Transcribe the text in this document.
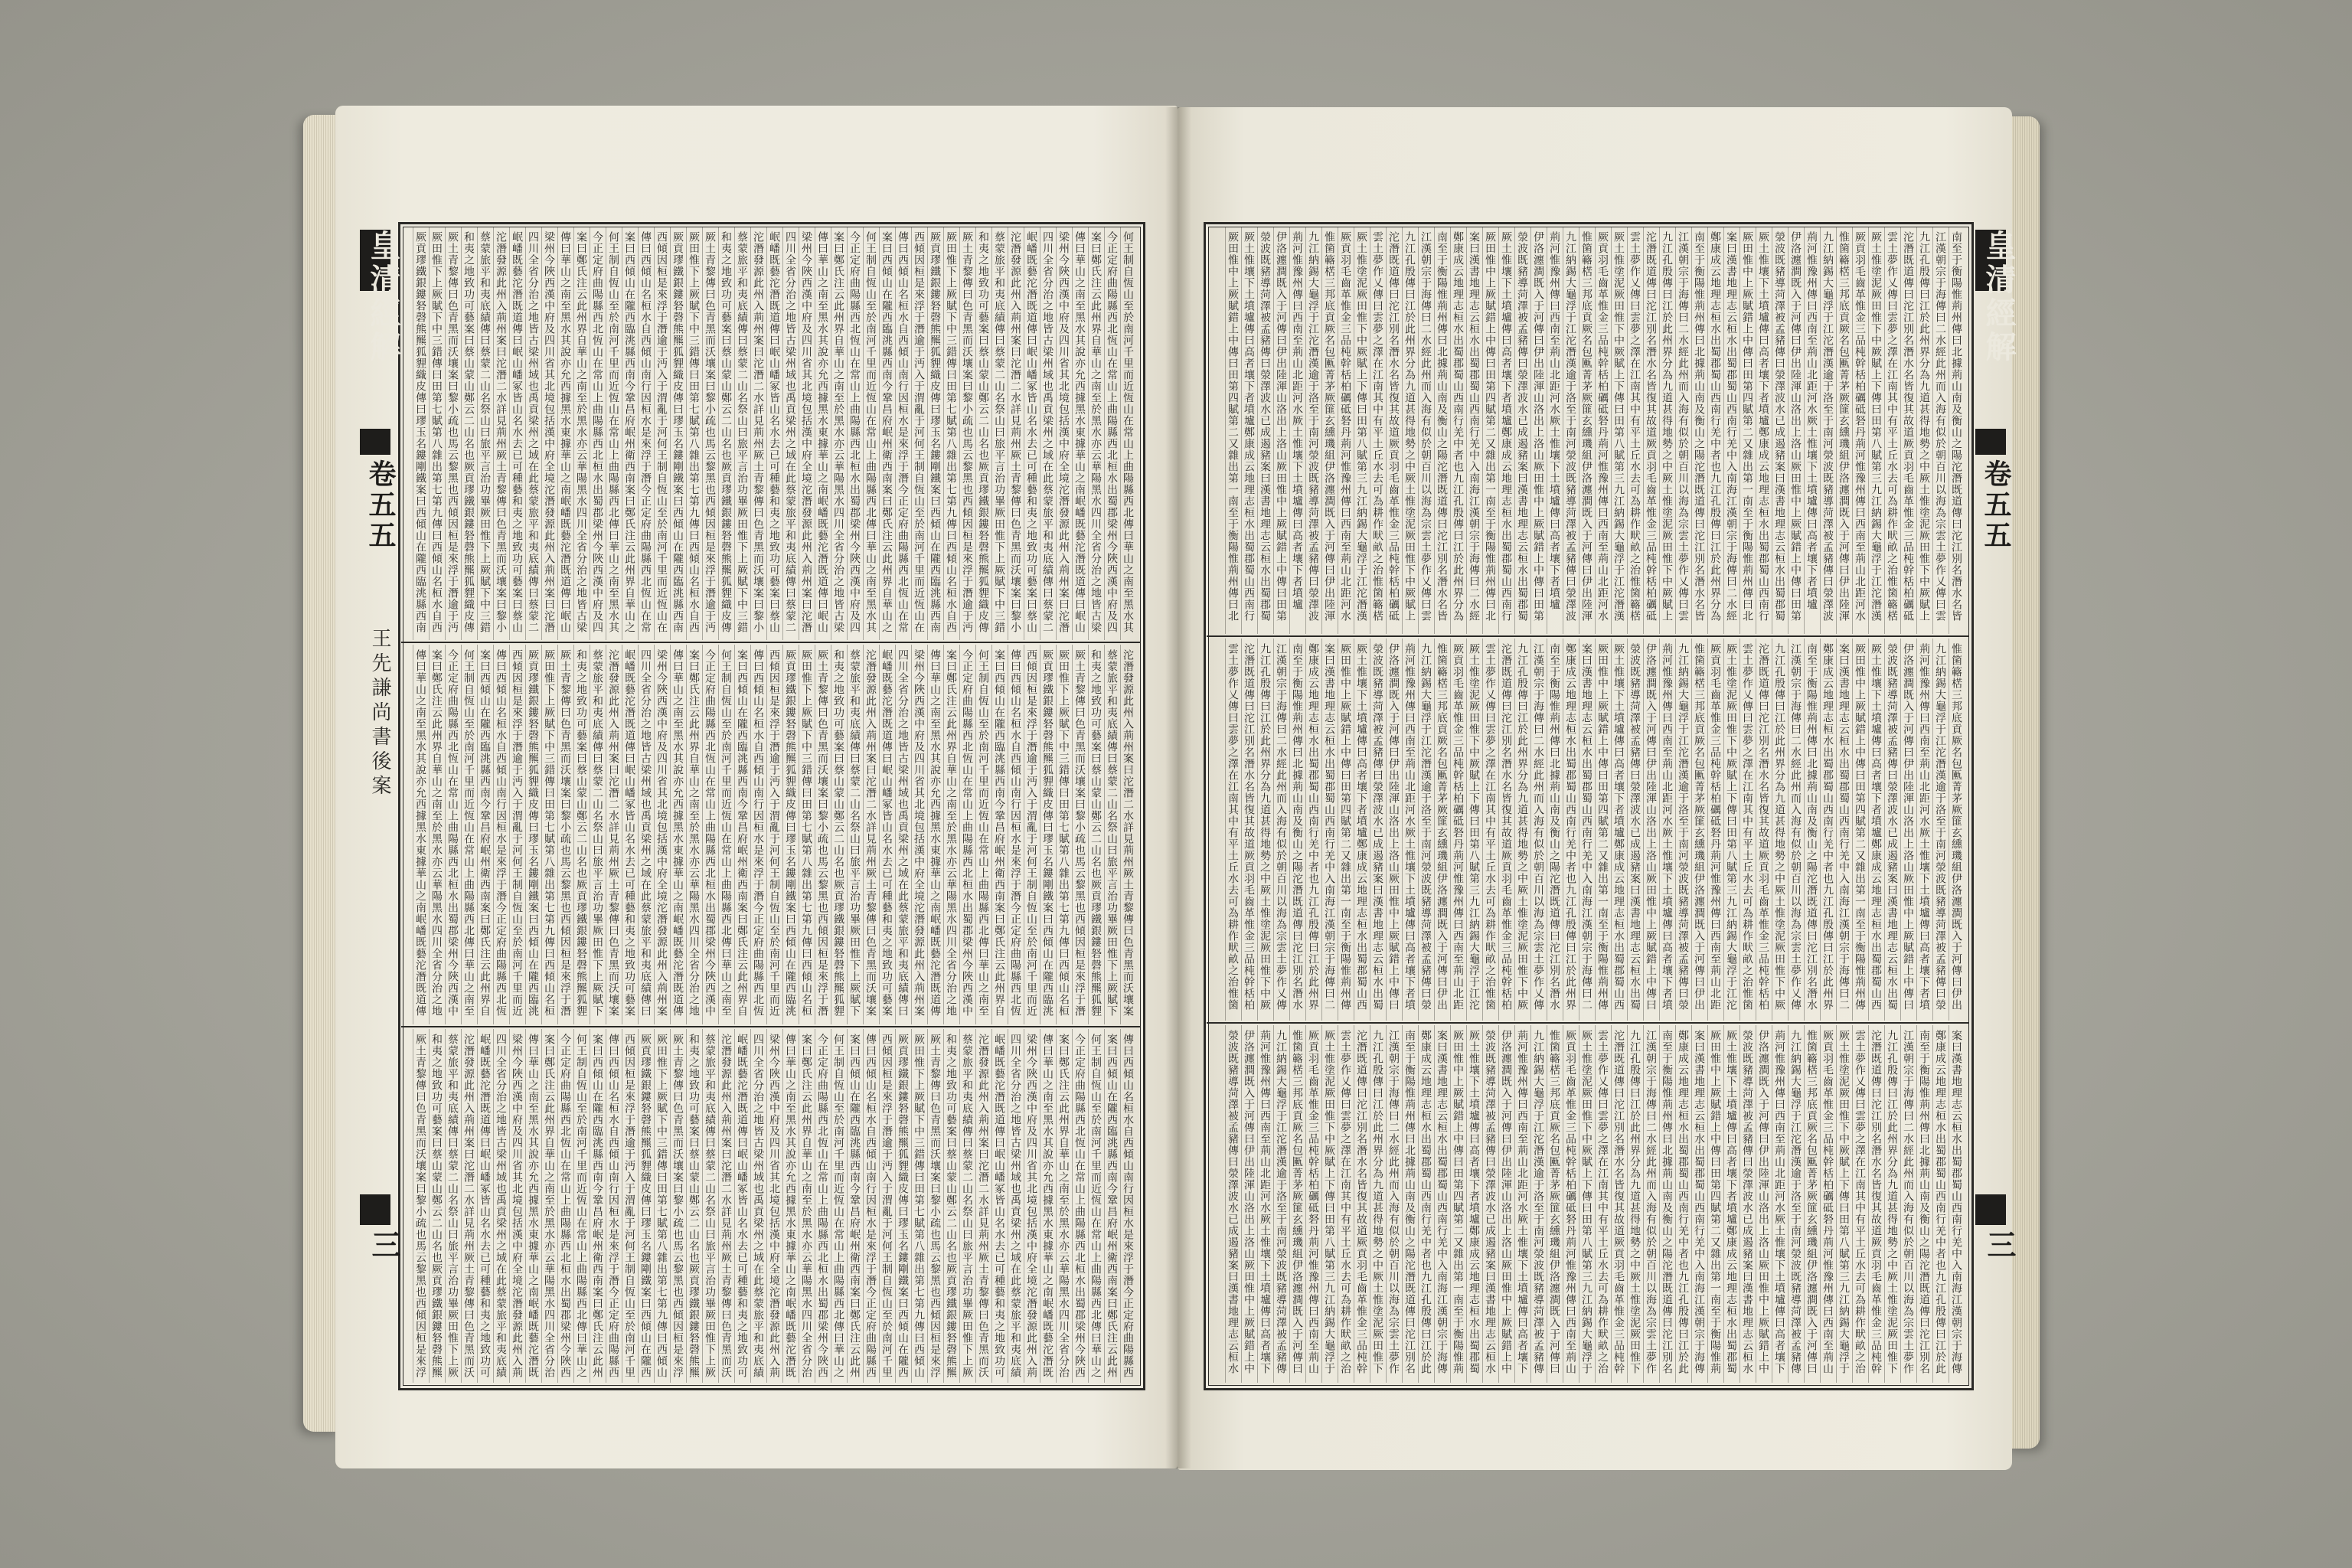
皇清經解
卷五五
王先謙尚書後案
三
皇清經解
卷五五
三
何王制自恆山至於南河千里而近恆山在常山上曲陽縣西北傳曰華山之南至黑水其
今正定府曲陽縣西北恆山在常山上曲陽縣西北桓水出蜀郡梁州今陜西漢中府及四
案曰鄭氏注云此州界自華山之南至於黑水亦云華陽黑水四川全省分治之地皆古梁
傳曰華山之南至黑水其說亦允西據黑水東據華山之南岷嶓既藝沱潛既道傳曰岷山
梁州今陜西漢中府及四川省其北境包括漢中府全境沱潛發源此州入荊州案曰沱潛
四川全省分治之地皆古梁州域也禹貢梁州之域在此蔡蒙旅平和夷底績傳曰蔡蒙二
岷嶓既藝沱潛既道傳曰岷山嶓冢皆山名水去已可種藝和夷之地致功可藝案曰蔡山
沱潛發源此州入荊州案曰沱潛二水詳見荊州厥土青黎傳曰色青黑而沃壤案曰黎小
蔡蒙旅平和夷底績傳曰蔡蒙二山名祭山曰旅平言治功畢厥田惟下上厥賦下中三錯
和夷之地致功可藝案曰蔡山蒙山鄭云二山名也厥貢璆鐵銀鏤砮磬熊羆狐貍織皮傳
厥土青黎傳曰色青黑而沃壤案曰黎小疏也馬云黎黑也西傾因桓是來浮于潛逾于沔
厥田惟下上厥賦下中三錯傳曰田第七賦第八雜出第七第九傳曰西傾山名桓水自西
厥貢璆鐵銀鏤砮磬熊羆狐貍織皮傳曰璆玉名鏤剛鐵案曰西傾山在隴西臨洮縣西南
西傾因桓是來浮于潛逾于沔入于渭亂于河何王制自恆山至於南河千里而近恆山在
傳曰西傾山名桓水自西傾山南行因桓水是來浮于潛今正定府曲陽縣西北恆山在常
案曰西傾山在隴西臨洮縣西南今鞏昌府岷州衛西南案曰鄭氏注云此州界自華山之
何王制自恆山至於南河千里而近恆山在常山上曲陽縣西北傳曰華山之南至黑水其
今正定府曲陽縣西北恆山在常山上曲陽縣西北桓水出蜀郡梁州今陜西漢中府及四
案曰鄭氏注云此州界自華山之南至於黑水亦云華陽黑水四川全省分治之地皆古梁
傳曰華山之南至黑水其說亦允西據黑水東據華山之南岷嶓既藝沱潛既道傳曰岷山
梁州今陜西漢中府及四川省其北境包括漢中府全境沱潛發源此州入荊州案曰沱潛
四川全省分治之地皆古梁州域也禹貢梁州之域在此蔡蒙旅平和夷底績傳曰蔡蒙二
岷嶓既藝沱潛既道傳曰岷山嶓冢皆山名水去已可種藝和夷之地致功可藝案曰蔡山
沱潛發源此州入荊州案曰沱潛二水詳見荊州厥土青黎傳曰色青黑而沃壤案曰黎小
蔡蒙旅平和夷底績傳曰蔡蒙二山名祭山曰旅平言治功畢厥田惟下上厥賦下中三錯
和夷之地致功可藝案曰蔡山蒙山鄭云二山名也厥貢璆鐵銀鏤砮磬熊羆狐貍織皮傳
厥土青黎傳曰色青黑而沃壤案曰黎小疏也馬云黎黑也西傾因桓是來浮于潛逾于沔
厥田惟下上厥賦下中三錯傳曰田第七賦第八雜出第七第九傳曰西傾山名桓水自西
厥貢璆鐵銀鏤砮磬熊羆狐貍織皮傳曰璆玉名鏤剛鐵案曰西傾山在隴西臨洮縣西南
西傾因桓是來浮于潛逾于沔入于渭亂于河何王制自恆山至於南河千里而近恆山在
傳曰西傾山名桓水自西傾山南行因桓水是來浮于潛今正定府曲陽縣西北恆山在常
案曰西傾山在隴西臨洮縣西南今鞏昌府岷州衛西南案曰鄭氏注云此州界自華山之
何王制自恆山至於南河千里而近恆山在常山上曲陽縣西北傳曰華山之南至黑水其
今正定府曲陽縣西北恆山在常山上曲陽縣西北桓水出蜀郡梁州今陜西漢中府及四
案曰鄭氏注云此州界自華山之南至於黑水亦云華陽黑水四川全省分治之地皆古梁
傳曰華山之南至黑水其說亦允西據黑水東據華山之南岷嶓既藝沱潛既道傳曰岷山
梁州今陜西漢中府及四川省其北境包括漢中府全境沱潛發源此州入荊州案曰沱潛
四川全省分治之地皆古梁州域也禹貢梁州之域在此蔡蒙旅平和夷底績傳曰蔡蒙二
岷嶓既藝沱潛既道傳曰岷山嶓冢皆山名水去已可種藝和夷之地致功可藝案曰蔡山
沱潛發源此州入荊州案曰沱潛二水詳見荊州厥土青黎傳曰色青黑而沃壤案曰黎小
蔡蒙旅平和夷底績傳曰蔡蒙二山名祭山曰旅平言治功畢厥田惟下上厥賦下中三錯
和夷之地致功可藝案曰蔡山蒙山鄭云二山名也厥貢璆鐵銀鏤砮磬熊羆狐貍織皮傳
厥土青黎傳曰色青黑而沃壤案曰黎小疏也馬云黎黑也西傾因桓是來浮于潛逾于沔
厥田惟下上厥賦下中三錯傳曰田第七賦第八雜出第七第九傳曰西傾山名桓水自西
厥貢璆鐵銀鏤砮磬熊羆狐貍織皮傳曰璆玉名鏤剛鐵案曰西傾山在隴西臨洮縣西南
沱潛發源此州入荊州案曰沱潛二水詳見荊州厥土青黎傳曰色青黑而沃壤案
蔡蒙旅平和夷底績傳曰蔡蒙二山名祭山曰旅平言治功畢厥田惟下上厥賦下
和夷之地致功可藝案曰蔡山蒙山鄭云二山名也厥貢璆鐵銀鏤砮磬熊羆狐貍
厥土青黎傳曰色青黑而沃壤案曰黎小疏也馬云黎黑也西傾因桓是來浮于潛
厥田惟下上厥賦下中三錯傳曰田第七賦第八雜出第七第九傳曰西傾山名桓
厥貢璆鐵銀鏤砮磬熊羆狐貍織皮傳曰璆玉名鏤剛鐵案曰西傾山在隴西臨洮
西傾因桓是來浮于潛逾于沔入于渭亂于河何王制自恆山至於南河千里而近
傳曰西傾山名桓水自西傾山南行因桓水是來浮于潛今正定府曲陽縣西北恆
案曰西傾山在隴西臨洮縣西南今鞏昌府岷州衛西南案曰鄭氏注云此州界自
何王制自恆山至於南河千里而近恆山在常山上曲陽縣西北傳曰華山之南至
今正定府曲陽縣西北恆山在常山上曲陽縣西北桓水出蜀郡梁州今陜西漢中
案曰鄭氏注云此州界自華山之南至於黑水亦云華陽黑水四川全省分治之地
傳曰華山之南至黑水其說亦允西據黑水東據華山之南岷嶓既藝沱潛既道傳
梁州今陜西漢中府及四川省其北境包括漢中府全境沱潛發源此州入荊州案
四川全省分治之地皆古梁州域也禹貢梁州之域在此蔡蒙旅平和夷底績傳曰
岷嶓既藝沱潛既道傳曰岷山嶓冢皆山名水去已可種藝和夷之地致功可藝案
沱潛發源此州入荊州案曰沱潛二水詳見荊州厥土青黎傳曰色青黑而沃壤案
蔡蒙旅平和夷底績傳曰蔡蒙二山名祭山曰旅平言治功畢厥田惟下上厥賦下
和夷之地致功可藝案曰蔡山蒙山鄭云二山名也厥貢璆鐵銀鏤砮磬熊羆狐貍
厥土青黎傳曰色青黑而沃壤案曰黎小疏也馬云黎黑也西傾因桓是來浮于潛
厥田惟下上厥賦下中三錯傳曰田第七賦第八雜出第七第九傳曰西傾山名桓
厥貢璆鐵銀鏤砮磬熊羆狐貍織皮傳曰璆玉名鏤剛鐵案曰西傾山在隴西臨洮
西傾因桓是來浮于潛逾于沔入于渭亂于河何王制自恆山至於南河千里而近
傳曰西傾山名桓水自西傾山南行因桓水是來浮于潛今正定府曲陽縣西北恆
案曰西傾山在隴西臨洮縣西南今鞏昌府岷州衛西南案曰鄭氏注云此州界自
何王制自恆山至於南河千里而近恆山在常山上曲陽縣西北傳曰華山之南至
今正定府曲陽縣西北恆山在常山上曲陽縣西北桓水出蜀郡梁州今陜西漢中
案曰鄭氏注云此州界自華山之南至於黑水亦云華陽黑水四川全省分治之地
傳曰華山之南至黑水其說亦允西據黑水東據華山之南岷嶓既藝沱潛既道傳
梁州今陜西漢中府及四川省其北境包括漢中府全境沱潛發源此州入荊州案
四川全省分治之地皆古梁州域也禹貢梁州之域在此蔡蒙旅平和夷底績傳曰
岷嶓既藝沱潛既道傳曰岷山嶓冢皆山名水去已可種藝和夷之地致功可藝案
沱潛發源此州入荊州案曰沱潛二水詳見荊州厥土青黎傳曰色青黑而沃壤案
蔡蒙旅平和夷底績傳曰蔡蒙二山名祭山曰旅平言治功畢厥田惟下上厥賦下
和夷之地致功可藝案曰蔡山蒙山鄭云二山名也厥貢璆鐵銀鏤砮磬熊羆狐貍
厥土青黎傳曰色青黑而沃壤案曰黎小疏也馬云黎黑也西傾因桓是來浮于潛
厥田惟下上厥賦下中三錯傳曰田第七賦第八雜出第七第九傳曰西傾山名桓
厥貢璆鐵銀鏤砮磬熊羆狐貍織皮傳曰璆玉名鏤剛鐵案曰西傾山在隴西臨洮
西傾因桓是來浮于潛逾于沔入于渭亂于河何王制自恆山至於南河千里而近
傳曰西傾山名桓水自西傾山南行因桓水是來浮于潛今正定府曲陽縣西北恆
案曰西傾山在隴西臨洮縣西南今鞏昌府岷州衛西南案曰鄭氏注云此州界自
何王制自恆山至於南河千里而近恆山在常山上曲陽縣西北傳曰華山之南至
今正定府曲陽縣西北恆山在常山上曲陽縣西北桓水出蜀郡梁州今陜西漢中
案曰鄭氏注云此州界自華山之南至於黑水亦云華陽黑水四川全省分治之地
傳曰華山之南至黑水其說亦允西據黑水東據華山之南岷嶓既藝沱潛既道傳
傳曰西傾山名桓水自西傾山南行因桓水是來浮于潛今正定府曲陽縣西
案曰西傾山在隴西臨洮縣西南今鞏昌府岷州衛西南案曰鄭氏注云此州
何王制自恆山至於南河千里而近恆山在常山上曲陽縣西北傳曰華山之
今正定府曲陽縣西北恆山在常山上曲陽縣西北桓水出蜀郡梁州今陜西
案曰鄭氏注云此州界自華山之南至於黑水亦云華陽黑水四川全省分治
傳曰華山之南至黑水其說亦允西據黑水東據華山之南岷嶓既藝沱潛既
梁州今陜西漢中府及四川省其北境包括漢中府全境沱潛發源此州入荊
四川全省分治之地皆古梁州域也禹貢梁州之域在此蔡蒙旅平和夷底績
岷嶓既藝沱潛既道傳曰岷山嶓冢皆山名水去已可種藝和夷之地致功可
沱潛發源此州入荊州案曰沱潛二水詳見荊州厥土青黎傳曰色青黑而沃
蔡蒙旅平和夷底績傳曰蔡蒙二山名祭山曰旅平言治功畢厥田惟下上厥
和夷之地致功可藝案曰蔡山蒙山鄭云二山名也厥貢璆鐵銀鏤砮磬熊羆
厥土青黎傳曰色青黑而沃壤案曰黎小疏也馬云黎黑也西傾因桓是來浮
厥田惟下上厥賦下中三錯傳曰田第七賦第八雜出第七第九傳曰西傾山
厥貢璆鐵銀鏤砮磬熊羆狐貍織皮傳曰璆玉名鏤剛鐵案曰西傾山在隴西
西傾因桓是來浮于潛逾于沔入于渭亂于河何王制自恆山至於南河千里
傳曰西傾山名桓水自西傾山南行因桓水是來浮于潛今正定府曲陽縣西
案曰西傾山在隴西臨洮縣西南今鞏昌府岷州衛西南案曰鄭氏注云此州
何王制自恆山至於南河千里而近恆山在常山上曲陽縣西北傳曰華山之
今正定府曲陽縣西北恆山在常山上曲陽縣西北桓水出蜀郡梁州今陜西
案曰鄭氏注云此州界自華山之南至於黑水亦云華陽黑水四川全省分治
傳曰華山之南至黑水其說亦允西據黑水東據華山之南岷嶓既藝沱潛既
梁州今陜西漢中府及四川省其北境包括漢中府全境沱潛發源此州入荊
四川全省分治之地皆古梁州域也禹貢梁州之域在此蔡蒙旅平和夷底績
岷嶓既藝沱潛既道傳曰岷山嶓冢皆山名水去已可種藝和夷之地致功可
沱潛發源此州入荊州案曰沱潛二水詳見荊州厥土青黎傳曰色青黑而沃
蔡蒙旅平和夷底績傳曰蔡蒙二山名祭山曰旅平言治功畢厥田惟下上厥
和夷之地致功可藝案曰蔡山蒙山鄭云二山名也厥貢璆鐵銀鏤砮磬熊羆
厥土青黎傳曰色青黑而沃壤案曰黎小疏也馬云黎黑也西傾因桓是來浮
厥田惟下上厥賦下中三錯傳曰田第七賦第八雜出第七第九傳曰西傾山
厥貢璆鐵銀鏤砮磬熊羆狐貍織皮傳曰璆玉名鏤剛鐵案曰西傾山在隴西
西傾因桓是來浮于潛逾于沔入于渭亂于河何王制自恆山至於南河千里
傳曰西傾山名桓水自西傾山南行因桓水是來浮于潛今正定府曲陽縣西
案曰西傾山在隴西臨洮縣西南今鞏昌府岷州衛西南案曰鄭氏注云此州
何王制自恆山至於南河千里而近恆山在常山上曲陽縣西北傳曰華山之
今正定府曲陽縣西北恆山在常山上曲陽縣西北桓水出蜀郡梁州今陜西
案曰鄭氏注云此州界自華山之南至於黑水亦云華陽黑水四川全省分治
傳曰華山之南至黑水其說亦允西據黑水東據華山之南岷嶓既藝沱潛既
梁州今陜西漢中府及四川省其北境包括漢中府全境沱潛發源此州入荊
四川全省分治之地皆古梁州域也禹貢梁州之域在此蔡蒙旅平和夷底績
岷嶓既藝沱潛既道傳曰岷山嶓冢皆山名水去已可種藝和夷之地致功可
沱潛發源此州入荊州案曰沱潛二水詳見荊州厥土青黎傳曰色青黑而沃
蔡蒙旅平和夷底績傳曰蔡蒙二山名祭山曰旅平言治功畢厥田惟下上厥
和夷之地致功可藝案曰蔡山蒙山鄭云二山名也厥貢璆鐵銀鏤砮磬熊羆
厥土青黎傳曰色青黑而沃壤案曰黎小疏也馬云黎黑也西傾因桓是來浮
南至于衡陽惟荊州傳曰北據荊山南及衡山之陽沱潛既道傳曰沱江別名潛水名皆
江漢朝宗于海傳曰二水經此州而入海有似於朝百川以海為宗雲土夢作乂傳曰雲
九江孔殷傳曰江於此州界分為九道甚得地勢之中厥土惟塗泥厥田惟下中厥賦上
沱潛既道傳曰沱江別名潛水名皆復其故道厥貢羽毛齒革惟金三品杶幹栝柏礪砥
雲土夢作乂傳曰雲夢之澤在江南其中有平土丘水去可為耕作畎畝之治惟箘簵楛
厥土惟塗泥厥田惟下中厥賦上下傳曰田第八賦第三九江納錫大龜浮于江沱潛漢
厥貢羽毛齒革惟金三品杶幹栝柏礪砥砮丹荊河惟豫州傳曰西南至荊山北距河水
惟箘簵楛三邦底貢厥名包匭菁茅厥篚玄纁璣組伊洛瀍澗既入于河傳曰伊出陸渾
九江納錫大龜浮于江沱潛漢逾于洛至于南河滎波既豬導菏澤被孟豬傳曰滎澤波
荊河惟豫州傳曰西南至荊山北距河水厥土惟壤下土墳壚傳曰高者壤下者墳壚
伊洛瀍澗既入于河傳曰伊出陸渾山洛出上洛山厥田惟中上厥賦錯上中傳曰田第
滎波既豬導菏澤被孟豬傳曰滎澤波水已成遏豬案曰漢書地理志云桓水出蜀郡蜀
厥土惟壤下土墳壚傳曰高者壤下者墳壚鄭康成云地理志桓水出蜀郡蜀山西南行
厥田惟中上厥賦錯上中傳曰田第四賦第二又雜出第一南至于衡陽惟荊州傳曰北
案曰漢書地理志云桓水出蜀郡蜀山西南行羌中入南海江漢朝宗于海傳曰二水經
鄭康成云地理志桓水出蜀郡蜀山西南行羌中者也九江孔殷傳曰江於此州界分為
南至于衡陽惟荊州傳曰北據荊山南及衡山之陽沱潛既道傳曰沱江別名潛水名皆
江漢朝宗于海傳曰二水經此州而入海有似於朝百川以海為宗雲土夢作乂傳曰雲
九江孔殷傳曰江於此州界分為九道甚得地勢之中厥土惟塗泥厥田惟下中厥賦上
沱潛既道傳曰沱江別名潛水名皆復其故道厥貢羽毛齒革惟金三品杶幹栝柏礪砥
雲土夢作乂傳曰雲夢之澤在江南其中有平土丘水去可為耕作畎畝之治惟箘簵楛
厥土惟塗泥厥田惟下中厥賦上下傳曰田第八賦第三九江納錫大龜浮于江沱潛漢
厥貢羽毛齒革惟金三品杶幹栝柏礪砥砮丹荊河惟豫州傳曰西南至荊山北距河水
惟箘簵楛三邦底貢厥名包匭菁茅厥篚玄纁璣組伊洛瀍澗既入于河傳曰伊出陸渾
九江納錫大龜浮于江沱潛漢逾于洛至于南河滎波既豬導菏澤被孟豬傳曰滎澤波
荊河惟豫州傳曰西南至荊山北距河水厥土惟壤下土墳壚傳曰高者壤下者墳壚
伊洛瀍澗既入于河傳曰伊出陸渾山洛出上洛山厥田惟中上厥賦錯上中傳曰田第
滎波既豬導菏澤被孟豬傳曰滎澤波水已成遏豬案曰漢書地理志云桓水出蜀郡蜀
厥土惟壤下土墳壚傳曰高者壤下者墳壚鄭康成云地理志桓水出蜀郡蜀山西南行
厥田惟中上厥賦錯上中傳曰田第四賦第二又雜出第一南至于衡陽惟荊州傳曰北
案曰漢書地理志云桓水出蜀郡蜀山西南行羌中入南海江漢朝宗于海傳曰二水經
鄭康成云地理志桓水出蜀郡蜀山西南行羌中者也九江孔殷傳曰江於此州界分為
南至于衡陽惟荊州傳曰北據荊山南及衡山之陽沱潛既道傳曰沱江別名潛水名皆
江漢朝宗于海傳曰二水經此州而入海有似於朝百川以海為宗雲土夢作乂傳曰雲
九江孔殷傳曰江於此州界分為九道甚得地勢之中厥土惟塗泥厥田惟下中厥賦上
沱潛既道傳曰沱江別名潛水名皆復其故道厥貢羽毛齒革惟金三品杶幹栝柏礪砥
雲土夢作乂傳曰雲夢之澤在江南其中有平土丘水去可為耕作畎畝之治惟箘簵楛
厥土惟塗泥厥田惟下中厥賦上下傳曰田第八賦第三九江納錫大龜浮于江沱潛漢
厥貢羽毛齒革惟金三品杶幹栝柏礪砥砮丹荊河惟豫州傳曰西南至荊山北距河水
惟箘簵楛三邦底貢厥名包匭菁茅厥篚玄纁璣組伊洛瀍澗既入于河傳曰伊出陸渾
九江納錫大龜浮于江沱潛漢逾于洛至于南河滎波既豬導菏澤被孟豬傳曰滎澤波
荊河惟豫州傳曰西南至荊山北距河水厥土惟壤下土墳壚傳曰高者壤下者墳壚
伊洛瀍澗既入于河傳曰伊出陸渾山洛出上洛山厥田惟中上厥賦錯上中傳曰田第
滎波既豬導菏澤被孟豬傳曰滎澤波水已成遏豬案曰漢書地理志云桓水出蜀郡蜀
厥土惟壤下土墳壚傳曰高者壤下者墳壚鄭康成云地理志桓水出蜀郡蜀山西南行
厥田惟中上厥賦錯上中傳曰田第四賦第二又雜出第一南至于衡陽惟荊州傳曰北
惟箘簵楛三邦底貢厥名包匭菁茅厥篚玄纁璣組伊洛瀍澗既入于河傳曰伊出
九江納錫大龜浮于江沱潛漢逾于洛至于南河滎波既豬導菏澤被孟豬傳曰滎
荊河惟豫州傳曰西南至荊山北距河水厥土惟壤下土墳壚傳曰高者壤下者墳
伊洛瀍澗既入于河傳曰伊出陸渾山洛出上洛山厥田惟中上厥賦錯上中傳曰
滎波既豬導菏澤被孟豬傳曰滎澤波水已成遏豬案曰漢書地理志云桓水出蜀
厥土惟壤下土墳壚傳曰高者壤下者墳壚鄭康成云地理志桓水出蜀郡蜀山西
厥田惟中上厥賦錯上中傳曰田第四賦第二又雜出第一南至于衡陽惟荊州傳
案曰漢書地理志云桓水出蜀郡蜀山西南行羌中入南海江漢朝宗于海傳曰二
鄭康成云地理志桓水出蜀郡蜀山西南行羌中者也九江孔殷傳曰江於此州界
南至于衡陽惟荊州傳曰北據荊山南及衡山之陽沱潛既道傳曰沱江別名潛水
江漢朝宗于海傳曰二水經此州而入海有似於朝百川以海為宗雲土夢作乂傳
九江孔殷傳曰江於此州界分為九道甚得地勢之中厥土惟塗泥厥田惟下中厥
沱潛既道傳曰沱江別名潛水名皆復其故道厥貢羽毛齒革惟金三品杶幹栝柏
雲土夢作乂傳曰雲夢之澤在江南其中有平土丘水去可為耕作畎畝之治惟箘
厥土惟塗泥厥田惟下中厥賦上下傳曰田第八賦第三九江納錫大龜浮于江沱
厥貢羽毛齒革惟金三品杶幹栝柏礪砥砮丹荊河惟豫州傳曰西南至荊山北距
惟箘簵楛三邦底貢厥名包匭菁茅厥篚玄纁璣組伊洛瀍澗既入于河傳曰伊出
九江納錫大龜浮于江沱潛漢逾于洛至于南河滎波既豬導菏澤被孟豬傳曰滎
荊河惟豫州傳曰西南至荊山北距河水厥土惟壤下土墳壚傳曰高者壤下者墳
伊洛瀍澗既入于河傳曰伊出陸渾山洛出上洛山厥田惟中上厥賦錯上中傳曰
滎波既豬導菏澤被孟豬傳曰滎澤波水已成遏豬案曰漢書地理志云桓水出蜀
厥土惟壤下土墳壚傳曰高者壤下者墳壚鄭康成云地理志桓水出蜀郡蜀山西
厥田惟中上厥賦錯上中傳曰田第四賦第二又雜出第一南至于衡陽惟荊州傳
案曰漢書地理志云桓水出蜀郡蜀山西南行羌中入南海江漢朝宗于海傳曰二
鄭康成云地理志桓水出蜀郡蜀山西南行羌中者也九江孔殷傳曰江於此州界
南至于衡陽惟荊州傳曰北據荊山南及衡山之陽沱潛既道傳曰沱江別名潛水
江漢朝宗于海傳曰二水經此州而入海有似於朝百川以海為宗雲土夢作乂傳
九江孔殷傳曰江於此州界分為九道甚得地勢之中厥土惟塗泥厥田惟下中厥
沱潛既道傳曰沱江別名潛水名皆復其故道厥貢羽毛齒革惟金三品杶幹栝柏
雲土夢作乂傳曰雲夢之澤在江南其中有平土丘水去可為耕作畎畝之治惟箘
厥土惟塗泥厥田惟下中厥賦上下傳曰田第八賦第三九江納錫大龜浮于江沱
厥貢羽毛齒革惟金三品杶幹栝柏礪砥砮丹荊河惟豫州傳曰西南至荊山北距
惟箘簵楛三邦底貢厥名包匭菁茅厥篚玄纁璣組伊洛瀍澗既入于河傳曰伊出
九江納錫大龜浮于江沱潛漢逾于洛至于南河滎波既豬導菏澤被孟豬傳曰滎
荊河惟豫州傳曰西南至荊山北距河水厥土惟壤下土墳壚傳曰高者壤下者墳
伊洛瀍澗既入于河傳曰伊出陸渾山洛出上洛山厥田惟中上厥賦錯上中傳曰
滎波既豬導菏澤被孟豬傳曰滎澤波水已成遏豬案曰漢書地理志云桓水出蜀
厥土惟壤下土墳壚傳曰高者壤下者墳壚鄭康成云地理志桓水出蜀郡蜀山西
厥田惟中上厥賦錯上中傳曰田第四賦第二又雜出第一南至于衡陽惟荊州傳
案曰漢書地理志云桓水出蜀郡蜀山西南行羌中入南海江漢朝宗于海傳曰二
鄭康成云地理志桓水出蜀郡蜀山西南行羌中者也九江孔殷傳曰江於此州界
南至于衡陽惟荊州傳曰北據荊山南及衡山之陽沱潛既道傳曰沱江別名潛水
江漢朝宗于海傳曰二水經此州而入海有似於朝百川以海為宗雲土夢作乂傳
九江孔殷傳曰江於此州界分為九道甚得地勢之中厥土惟塗泥厥田惟下中厥
沱潛既道傳曰沱江別名潛水名皆復其故道厥貢羽毛齒革惟金三品杶幹栝柏
雲土夢作乂傳曰雲夢之澤在江南其中有平土丘水去可為耕作畎畝之治惟箘
案曰漢書地理志云桓水出蜀郡蜀山西南行羌中入南海江漢朝宗于海傳
鄭康成云地理志桓水出蜀郡蜀山西南行羌中者也九江孔殷傳曰江於此
南至于衡陽惟荊州傳曰北據荊山南及衡山之陽沱潛既道傳曰沱江別名
江漢朝宗于海傳曰二水經此州而入海有似於朝百川以海為宗雲土夢作
九江孔殷傳曰江於此州界分為九道甚得地勢之中厥土惟塗泥厥田惟下
沱潛既道傳曰沱江別名潛水名皆復其故道厥貢羽毛齒革惟金三品杶幹
雲土夢作乂傳曰雲夢之澤在江南其中有平土丘水去可為耕作畎畝之治
厥土惟塗泥厥田惟下中厥賦上下傳曰田第八賦第三九江納錫大龜浮于
厥貢羽毛齒革惟金三品杶幹栝柏礪砥砮丹荊河惟豫州傳曰西南至荊山
惟箘簵楛三邦底貢厥名包匭菁茅厥篚玄纁璣組伊洛瀍澗既入于河傳曰
九江納錫大龜浮于江沱潛漢逾于洛至于南河滎波既豬導菏澤被孟豬傳
荊河惟豫州傳曰西南至荊山北距河水厥土惟壤下土墳壚傳曰高者壤下
伊洛瀍澗既入于河傳曰伊出陸渾山洛出上洛山厥田惟中上厥賦錯上中
滎波既豬導菏澤被孟豬傳曰滎澤波水已成遏豬案曰漢書地理志云桓水
厥土惟壤下土墳壚傳曰高者壤下者墳壚鄭康成云地理志桓水出蜀郡蜀
厥田惟中上厥賦錯上中傳曰田第四賦第二又雜出第一南至于衡陽惟荊
案曰漢書地理志云桓水出蜀郡蜀山西南行羌中入南海江漢朝宗于海傳
鄭康成云地理志桓水出蜀郡蜀山西南行羌中者也九江孔殷傳曰江於此
南至于衡陽惟荊州傳曰北據荊山南及衡山之陽沱潛既道傳曰沱江別名
江漢朝宗于海傳曰二水經此州而入海有似於朝百川以海為宗雲土夢作
九江孔殷傳曰江於此州界分為九道甚得地勢之中厥土惟塗泥厥田惟下
沱潛既道傳曰沱江別名潛水名皆復其故道厥貢羽毛齒革惟金三品杶幹
雲土夢作乂傳曰雲夢之澤在江南其中有平土丘水去可為耕作畎畝之治
厥土惟塗泥厥田惟下中厥賦上下傳曰田第八賦第三九江納錫大龜浮于
厥貢羽毛齒革惟金三品杶幹栝柏礪砥砮丹荊河惟豫州傳曰西南至荊山
惟箘簵楛三邦底貢厥名包匭菁茅厥篚玄纁璣組伊洛瀍澗既入于河傳曰
九江納錫大龜浮于江沱潛漢逾于洛至于南河滎波既豬導菏澤被孟豬傳
荊河惟豫州傳曰西南至荊山北距河水厥土惟壤下土墳壚傳曰高者壤下
伊洛瀍澗既入于河傳曰伊出陸渾山洛出上洛山厥田惟中上厥賦錯上中
滎波既豬導菏澤被孟豬傳曰滎澤波水已成遏豬案曰漢書地理志云桓水
厥土惟壤下土墳壚傳曰高者壤下者墳壚鄭康成云地理志桓水出蜀郡蜀
厥田惟中上厥賦錯上中傳曰田第四賦第二又雜出第一南至于衡陽惟荊
案曰漢書地理志云桓水出蜀郡蜀山西南行羌中入南海江漢朝宗于海傳
鄭康成云地理志桓水出蜀郡蜀山西南行羌中者也九江孔殷傳曰江於此
南至于衡陽惟荊州傳曰北據荊山南及衡山之陽沱潛既道傳曰沱江別名
江漢朝宗于海傳曰二水經此州而入海有似於朝百川以海為宗雲土夢作
九江孔殷傳曰江於此州界分為九道甚得地勢之中厥土惟塗泥厥田惟下
沱潛既道傳曰沱江別名潛水名皆復其故道厥貢羽毛齒革惟金三品杶幹
雲土夢作乂傳曰雲夢之澤在江南其中有平土丘水去可為耕作畎畝之治
厥土惟塗泥厥田惟下中厥賦上下傳曰田第八賦第三九江納錫大龜浮于
厥貢羽毛齒革惟金三品杶幹栝柏礪砥砮丹荊河惟豫州傳曰西南至荊山
惟箘簵楛三邦底貢厥名包匭菁茅厥篚玄纁璣組伊洛瀍澗既入于河傳曰
九江納錫大龜浮于江沱潛漢逾于洛至于南河滎波既豬導菏澤被孟豬傳
荊河惟豫州傳曰西南至荊山北距河水厥土惟壤下土墳壚傳曰高者壤下
伊洛瀍澗既入于河傳曰伊出陸渾山洛出上洛山厥田惟中上厥賦錯上中
滎波既豬導菏澤被孟豬傳曰滎澤波水已成遏豬案曰漢書地理志云桓水
